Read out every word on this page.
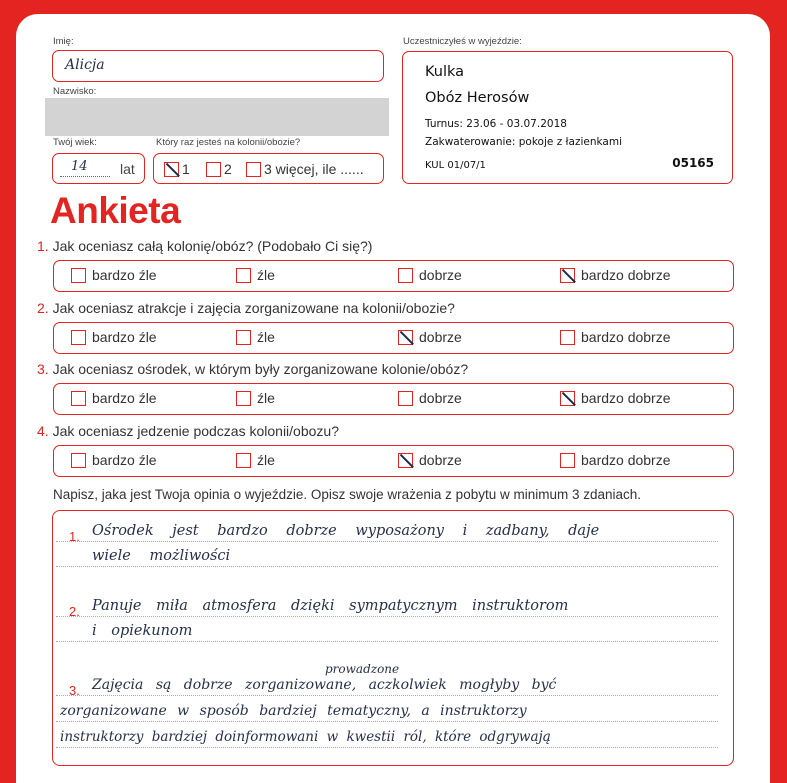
Imię:
Alicja
Nazwisko:
Twój wiek:
14 lat
Który raz jesteś na kolonii/obozie?
1	2	3 więcej, ile ......
Uczestniczyłeś w wyjeździe:
Kulka
Obóz Herosów
Turnus: 23.06 - 03.07.2018
Zakwaterowanie: pokoje z łazienkami
KUL 01/07/1	05165
Ankieta
1. Jak oceniasz całą kolonię/obóz? (Podobało Ci się?)
bardzo źle	źle	dobrze	bardzo dobrze
2. Jak oceniasz atrakcje i zajęcia zorganizowane na kolonii/obozie?
bardzo źle	źle	dobrze	bardzo dobrze
3. Jak oceniasz ośrodek, w którym były zorganizowane kolonie/obóz?
bardzo źle	źle	dobrze	bardzo dobrze
4. Jak oceniasz jedzenie podczas kolonii/obozu?
bardzo źle	źle	dobrze	bardzo dobrze
Napisz, jaka jest Twoja opinia o wyjeździe. Opisz swoje wrażenia z pobytu w minimum 3 zdaniach.
1. Ośrodek jest bardzo dobrze wyposażony i zadbany, daje
wiele możliwości
2. Panuje miła atmosfera dzięki sympatycznym instruktorom
i opiekunom
prowadzone
3. Zajęcia są dobrze zorganizowane, aczkolwiek mogłyby być
zorganizowane w sposób bardziej tematyczny, a instruktorzy
instruktorzy bardziej doinformowani w kwestii ról, które odgrywają
